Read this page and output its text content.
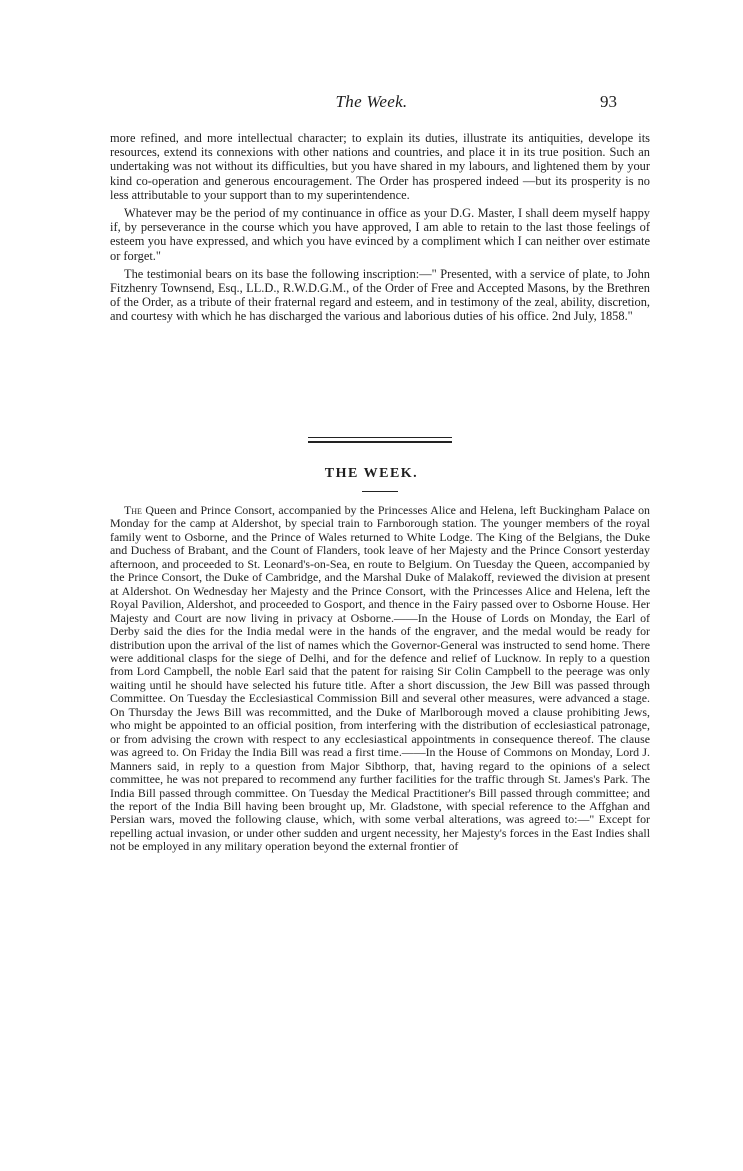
The Week.	93

more refined, and more intellectual character; to explain its duties, illustrate its antiquities, develope its resources, extend its connexions with other nations and countries, and place it in its true position. Such an undertaking was not without its difficulties, but you have shared in my labours, and lightened them by your kind co-operation and generous encouragement. The Order has prospered indeed —but its prosperity is no less attributable to your support than to my superintendence.

Whatever may be the period of my continuance in office as your D.G. Master, I shall deem myself happy if, by perseverance in the course which you have approved, I am able to retain to the last those feelings of esteem you have expressed, and which you have evinced by a compliment which I can neither over estimate or forget."

The testimonial bears on its base the following inscription:—" Presented, with a service of plate, to John Fitzhenry Townsend, Esq., LL.D., R.W.D.G.M., of the Order of Free and Accepted Masons, by the Brethren of the Order, as a tribute of their fraternal regard and esteem, and in testimony of the zeal, ability, discretion, and courtesy with which he has discharged the various and laborious duties of his office. 2nd July, 1858."

THE WEEK.

The Queen and Prince Consort, accompanied by the Princesses Alice and Helena, left Buckingham Palace on Monday for the camp at Aldershot, by special train to Farnborough station. The younger members of the royal family went to Osborne, and the Prince of Wales returned to White Lodge. The King of the Belgians, the Duke and Duchess of Brabant, and the Count of Flanders, took leave of her Majesty and the Prince Consort yesterday afternoon, and proceeded to St. Leonard's-on-Sea, en route to Belgium. On Tuesday the Queen, accompanied by the Prince Consort, the Duke of Cambridge, and the Marshal Duke of Malakoff, reviewed the division at present at Aldershot. On Wednesday her Majesty and the Prince Consort, with the Princesses Alice and Helena, left the Royal Pavilion, Aldershot, and proceeded to Gosport, and thence in the Fairy passed over to Osborne House. Her Majesty and Court are now living in privacy at Osborne.——In the House of Lords on Monday, the Earl of Derby said the dies for the India medal were in the hands of the engraver, and the medal would be ready for distribution upon the arrival of the list of names which the Governor-General was instructed to send home. There were additional clasps for the siege of Delhi, and for the defence and relief of Lucknow. In reply to a question from Lord Campbell, the noble Earl said that the patent for raising Sir Colin Campbell to the peerage was only waiting until he should have selected his future title. After a short discussion, the Jew Bill was passed through Committee. On Tuesday the Ecclesiastical Commission Bill and several other measures, were advanced a stage. On Thursday the Jews Bill was recommitted, and the Duke of Marlborough moved a clause prohibiting Jews, who might be appointed to an official position, from interfering with the distribution of ecclesiastical patronage, or from advising the crown with respect to any ecclesiastical appointments in consequence thereof. The clause was agreed to. On Friday the India Bill was read a first time.——In the House of Commons on Monday, Lord J. Manners said, in reply to a question from Major Sibthorp, that, having regard to the opinions of a select committee, he was not prepared to recommend any further facilities for the traffic through St. James's Park. The India Bill passed through committee. On Tuesday the Medical Practitioner's Bill passed through committee; and the report of the India Bill having been brought up, Mr. Gladstone, with special reference to the Affghan and Persian wars, moved the following clause, which, with some verbal alterations, was agreed to:—" Except for repelling actual invasion, or under other sudden and urgent necessity, her Majesty's forces in the East Indies shall not be employed in any military operation beyond the external frontier of
